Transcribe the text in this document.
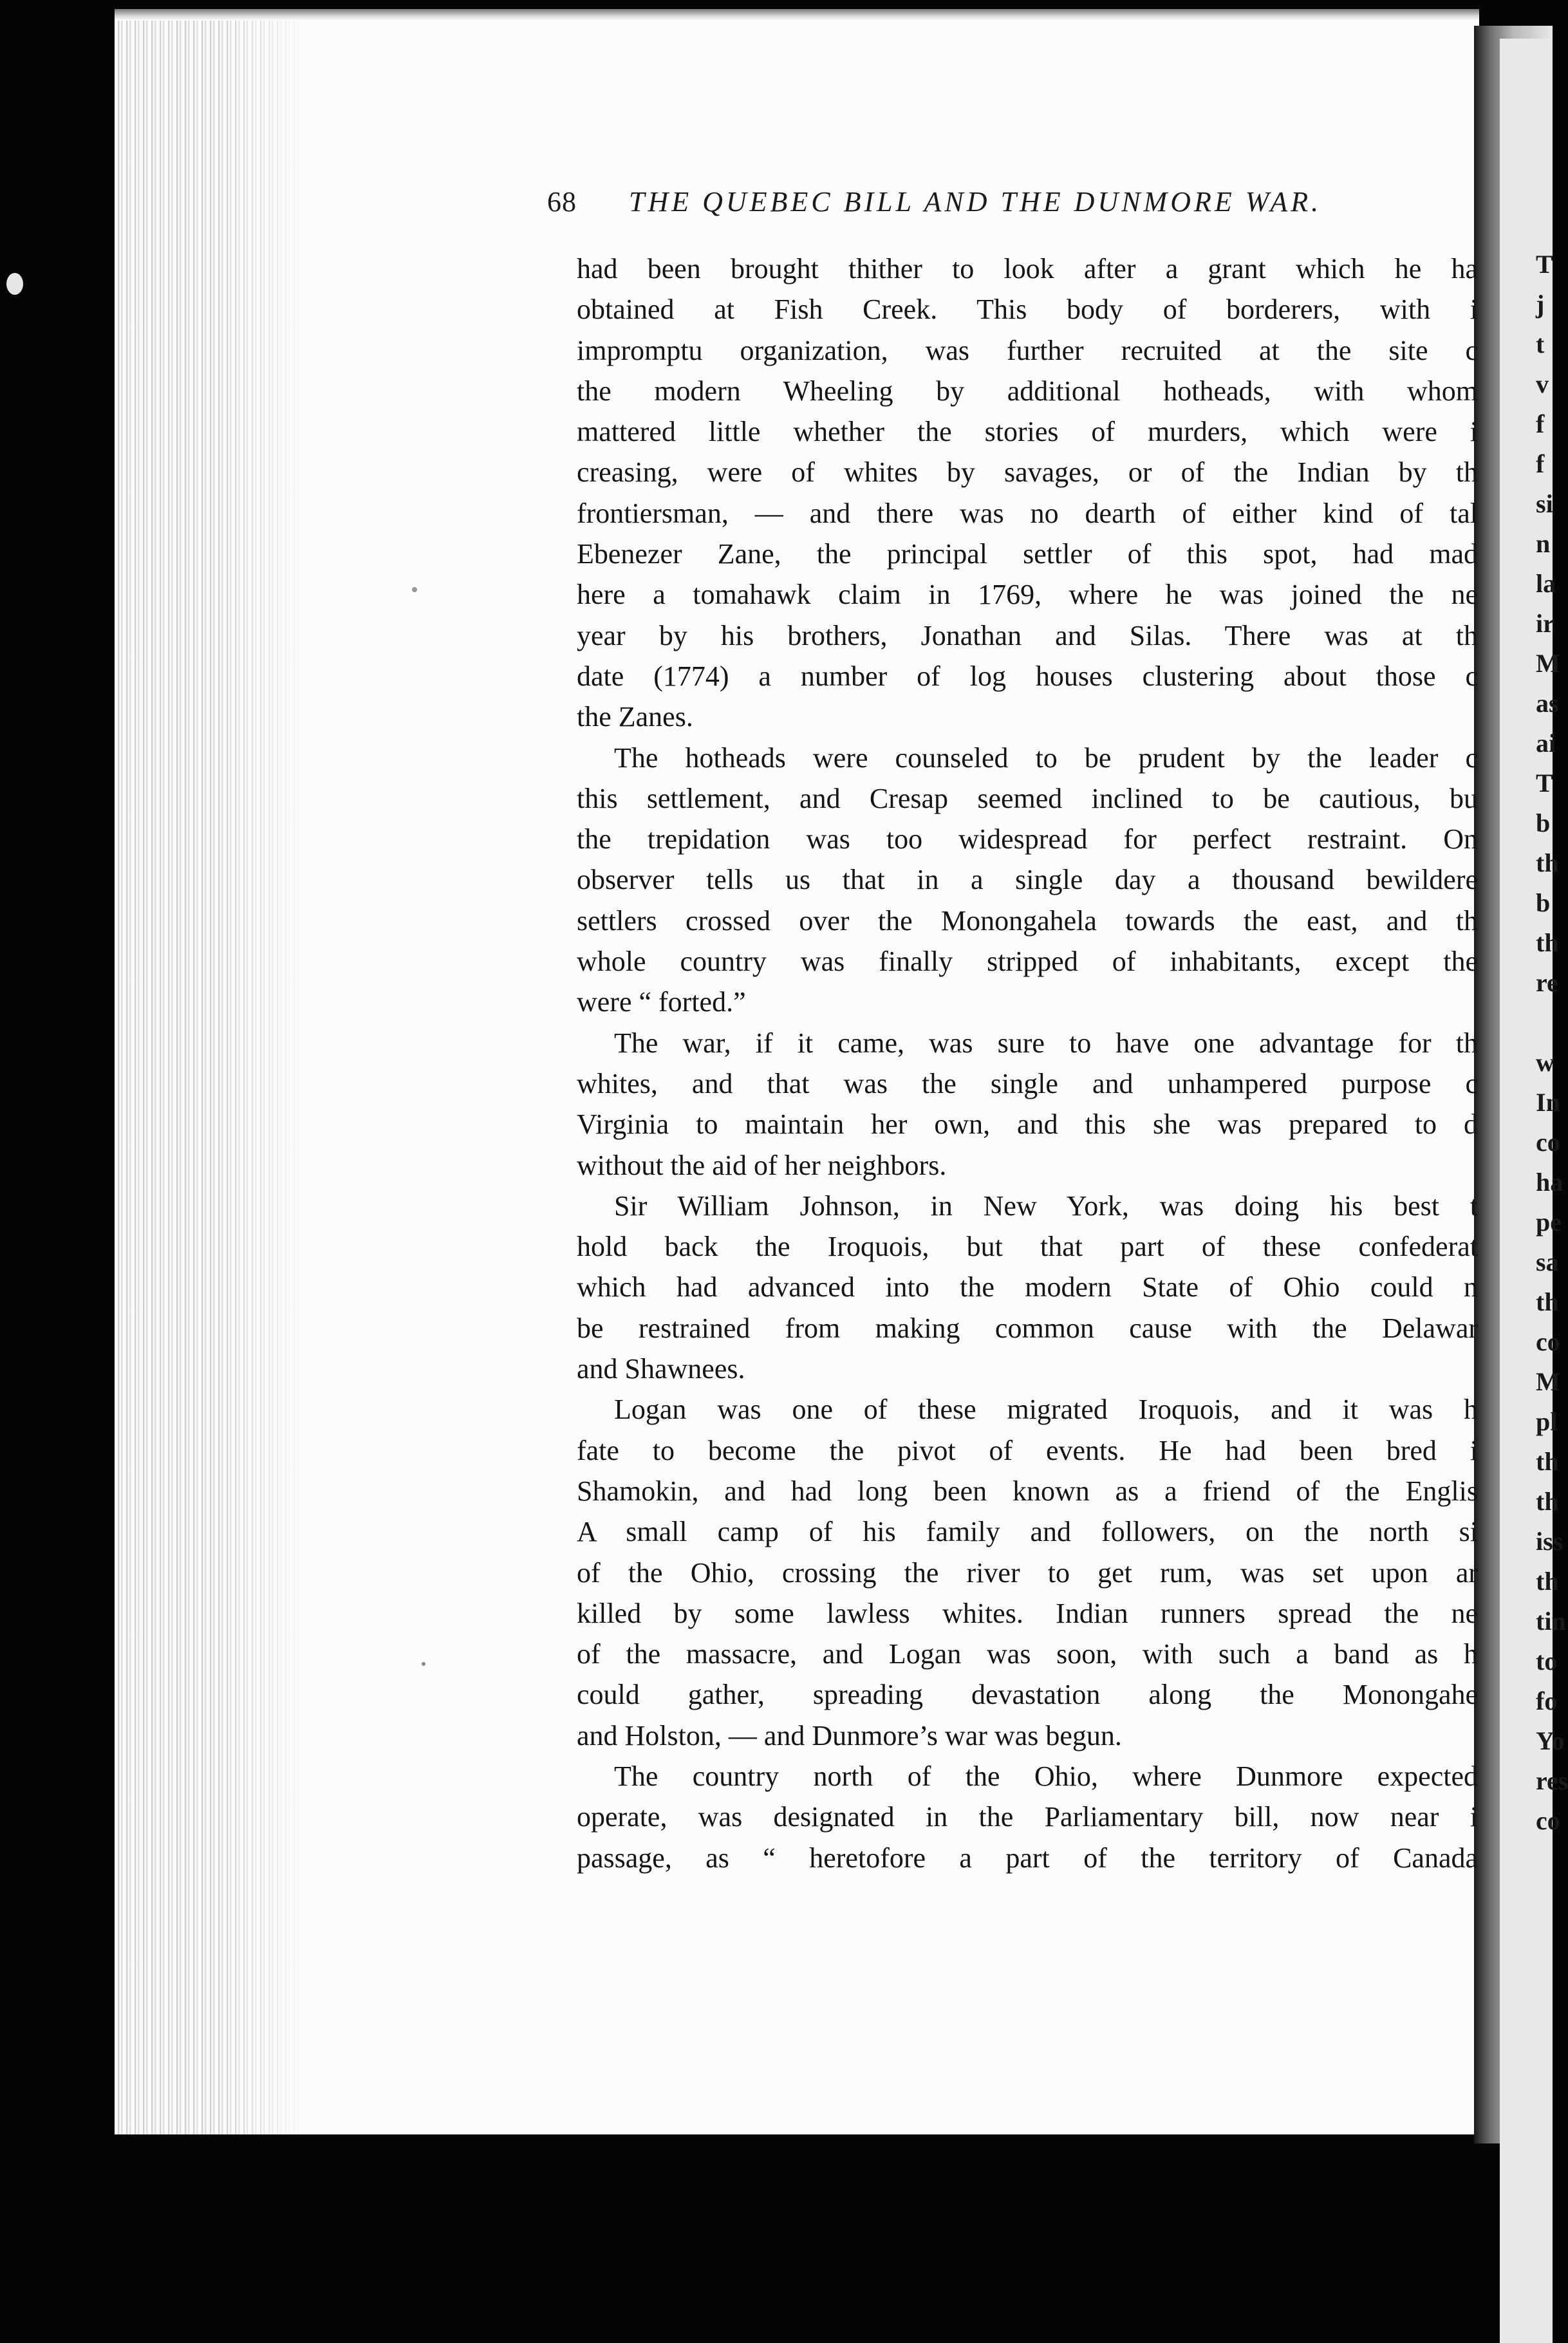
T
j
t
v
f
f
si
n
la
ir
M
as
ai
T
b
th
b
th
re
w
In
co
ha
pe
sa
th
co
M
pl
th
th
iss
th
tin
to
fo
Yo
res
co
68 THE QUEBEC BILL AND THE DUNMORE WAR.
had been brought thither to look after a grant which he ha
obtained at Fish Creek. This body of borderers, with i
impromptu organization, was further recruited at the site c
the modern Wheeling by additional hotheads, with whom
mattered little whether the stories of murders, which were i
creasing, were of whites by savages, or of the Indian by th
frontiersman, — and there was no dearth of either kind of tal
Ebenezer Zane, the principal settler of this spot, had mad
here a tomahawk claim in 1769, where he was joined the ne
year by his brothers, Jonathan and Silas. There was at th
date (1774) a number of log houses clustering about those c
the Zanes.
The hotheads were counseled to be prudent by the leader c
this settlement, and Cresap seemed inclined to be cautious, bu
the trepidation was too widespread for perfect restraint. On
observer tells us that in a single day a thousand bewildere
settlers crossed over the Monongahela towards the east, and th
whole country was finally stripped of inhabitants, except the
were “ forted.”
The war, if it came, was sure to have one advantage for th
whites, and that was the single and unhampered purpose c
Virginia to maintain her own, and this she was prepared to d
without the aid of her neighbors.
Sir William Johnson, in New York, was doing his best t
hold back the Iroquois, but that part of these confederat
which had advanced into the modern State of Ohio could n
be restrained from making common cause with the Delawar
and Shawnees.
Logan was one of these migrated Iroquois, and it was h
fate to become the pivot of events. He had been bred i
Shamokin, and had long been known as a friend of the Englis
A small camp of his family and followers, on the north si
of the Ohio, crossing the river to get rum, was set upon ar
killed by some lawless whites. Indian runners spread the ne
of the massacre, and Logan was soon, with such a band as h
could gather, spreading devastation along the Monongahe
and Holston, — and Dunmore’s war was begun.
The country north of the Ohio, where Dunmore expected
operate, was designated in the Parliamentary bill, now near i
passage, as “ heretofore a part of the territory of Canada
